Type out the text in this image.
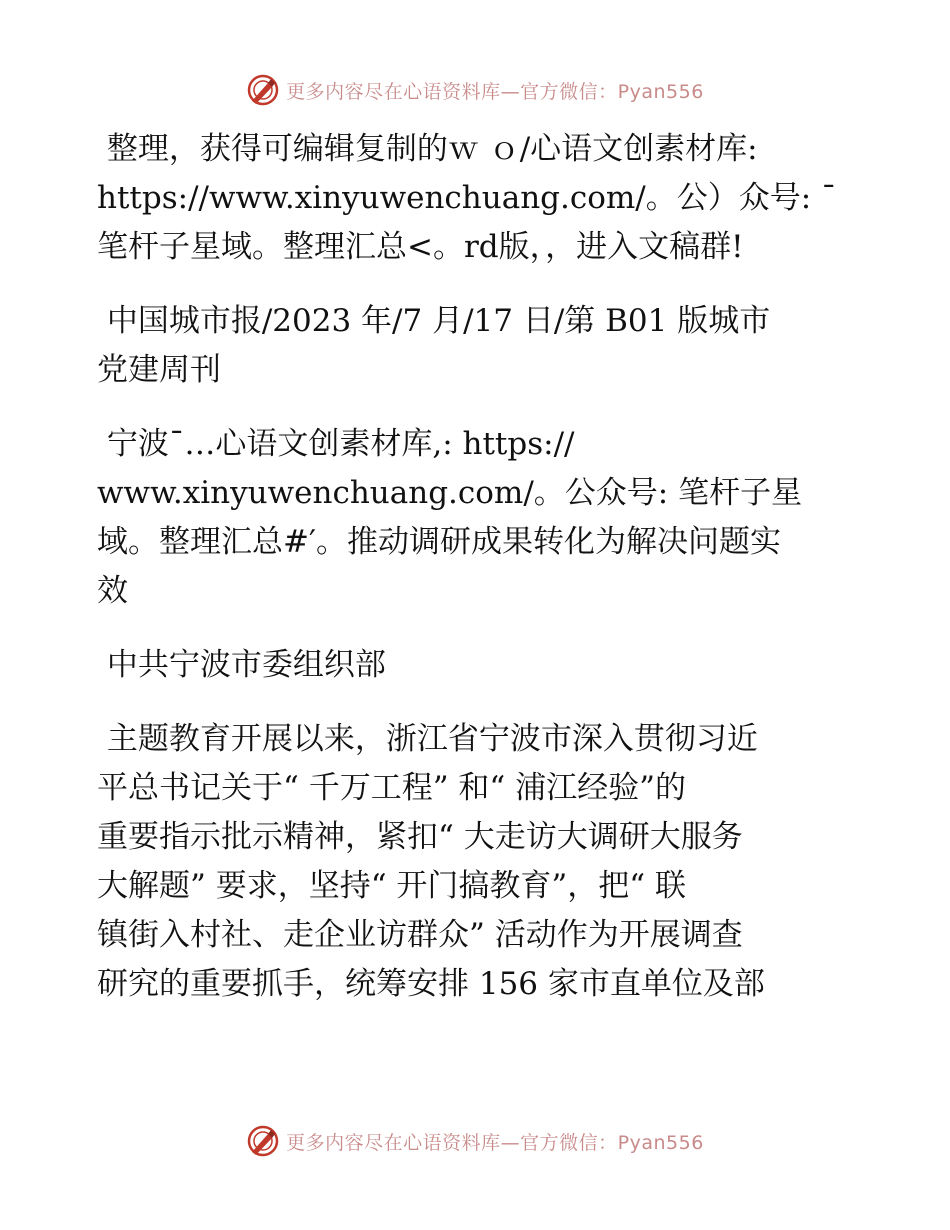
更多内容尽在心语资料库—官方微信：Pyan556

整理，获得可编辑复制的ｗ ｏ/心语文创素材库:
https://www.xinyuwenchuang.com/。公）众号: ¯
笔杆子星域。整理汇总<。rd版，，进入文稿群!

中国城市报/2023 年/7 月/17 日/第 B01 版城市
党建周刊

宁波¯…心语文创素材库,: https://
www.xinyuwenchuang.com/。公众号: 笔杆子星
域。整理汇总#′。推动调研成果转化为解决问题实
效

中共宁波市委组织部

主题教育开展以来，浙江省宁波市深入贯彻习近
平总书记关于“ 千万工程” 和“ 浦江经验”的
重要指示批示精神，紧扣“ 大走访大调研大服务
大解题” 要求，坚持“ 开门搞教育”，把“ 联
镇街入村社、走企业访群众” 活动作为开展调查
研究的重要抓手，统筹安排 156 家市直单位及部

更多内容尽在心语资料库—官方微信：Pyan556
